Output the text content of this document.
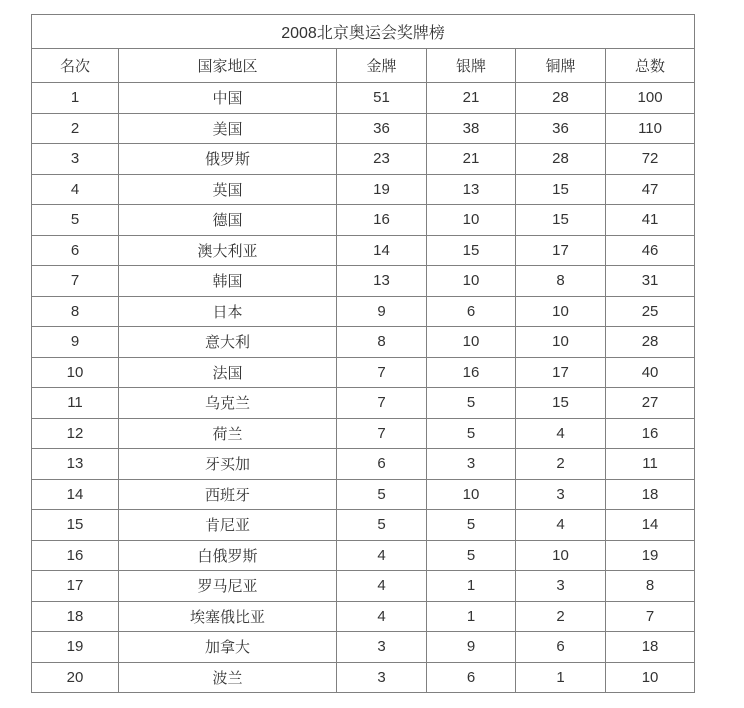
2008北京奥运会奖牌榜					
名次	国家地区	金牌	银牌	铜牌	总数
1	中国	51	21	28	100
2	美国	36	38	36	110
3	俄罗斯	23	21	28	72
4	英国	19	13	15	47
5	德国	16	10	15	41
6	澳大利亚	14	15	17	46
7	韩国	13	10	8	31
8	日本	9	6	10	25
9	意大利	8	10	10	28
10	法国	7	16	17	40
11	乌克兰	7	5	15	27
12	荷兰	7	5	4	16
13	牙买加	6	3	2	11
14	西班牙	5	10	3	18
15	肯尼亚	5	5	4	14
16	白俄罗斯	4	5	10	19
17	罗马尼亚	4	1	3	8
18	埃塞俄比亚	4	1	2	7
19	加拿大	3	9	6	18
20	波兰	3	6	1	10
